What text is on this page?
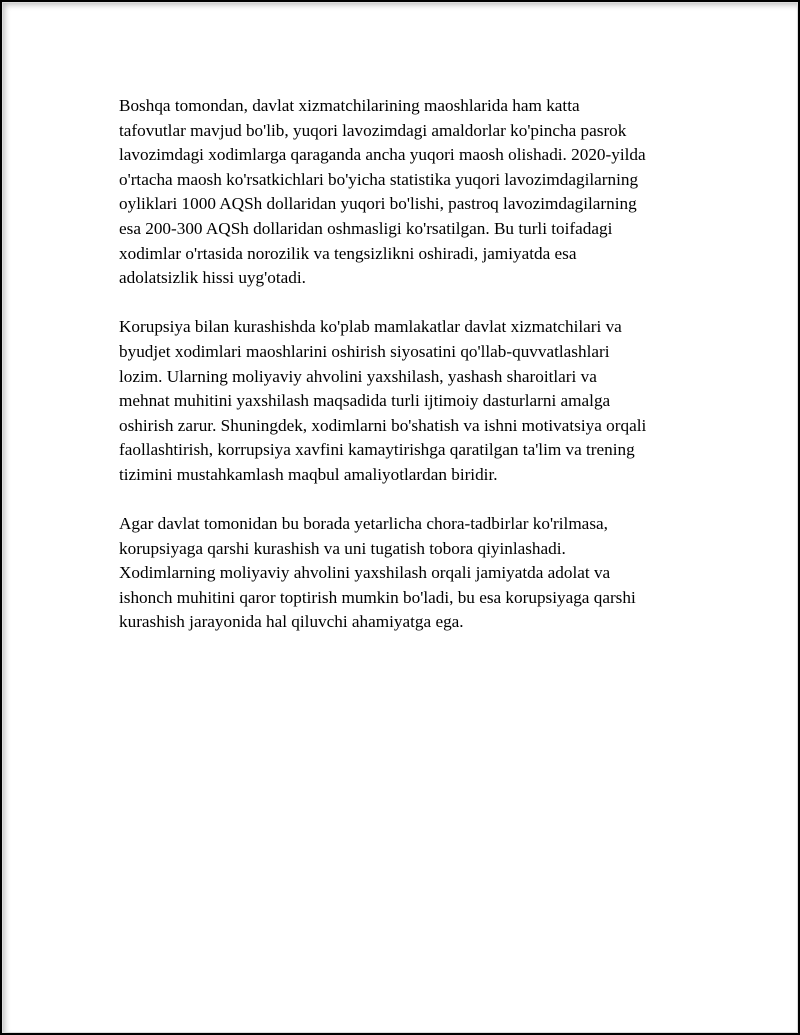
Boshqa tomondan, davlat xizmatchilarining maoshlarida ham katta
tafovutlar mavjud bo'lib, yuqori lavozimdagi amaldorlar ko'pincha pasrok
lavozimdagi xodimlarga qaraganda ancha yuqori maosh olishadi. 2020-yilda
o'rtacha maosh ko'rsatkichlari bo'yicha statistika yuqori lavozimdagilarning
oyliklari 1000 AQSh dollaridan yuqori bo'lishi, pastroq lavozimdagilarning
esa 200-300 AQSh dollaridan oshmasligi ko'rsatilgan. Bu turli toifadagi
xodimlar o'rtasida norozilik va tengsizlikni oshiradi, jamiyatda esa
adolatsizlik hissi uyg'otadi.

Korupsiya bilan kurashishda ko'plab mamlakatlar davlat xizmatchilari va
byudjet xodimlari maoshlarini oshirish siyosatini qo'llab-quvvatlashlari
lozim. Ularning moliyaviy ahvolini yaxshilash, yashash sharoitlari va
mehnat muhitini yaxshilash maqsadida turli ijtimoiy dasturlarni amalga
oshirish zarur. Shuningdek, xodimlarni bo'shatish va ishni motivatsiya orqali
faollashtirish, korrupsiya xavfini kamaytirishga qaratilgan ta'lim va trening
tizimini mustahkamlash maqbul amaliyotlardan biridir.

Agar davlat tomonidan bu borada yetarlicha chora-tadbirlar ko'rilmasa,
korupsiyaga qarshi kurashish va uni tugatish tobora qiyinlashadi.
Xodimlarning moliyaviy ahvolini yaxshilash orqali jamiyatda adolat va
ishonch muhitini qaror toptirish mumkin bo'ladi, bu esa korupsiyaga qarshi
kurashish jarayonida hal qiluvchi ahamiyatga ega.
